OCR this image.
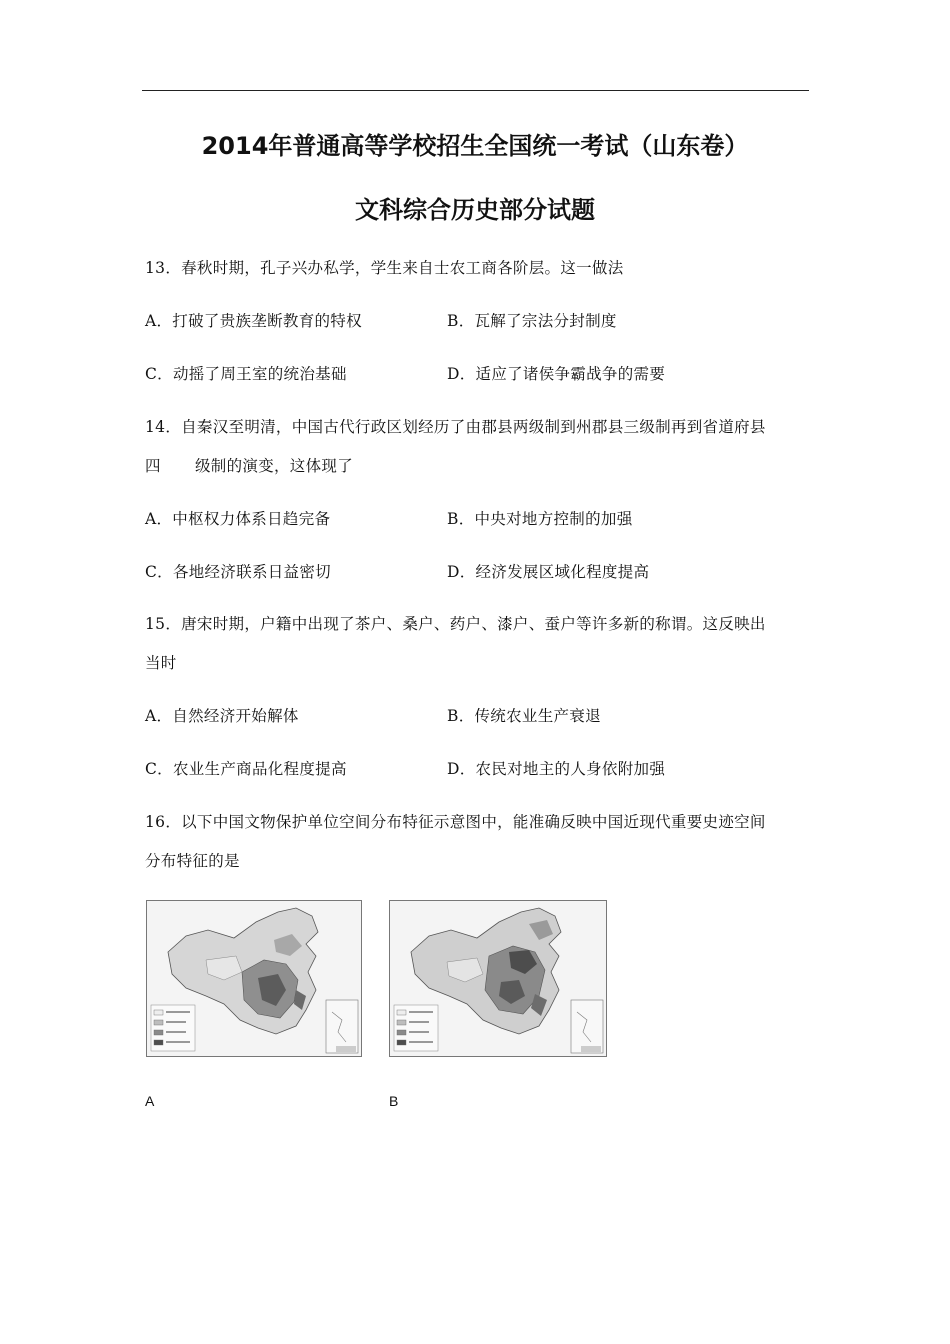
2014年普通高等学校招生全国统一考试（山东卷）
文科综合历史部分试题
13．春秋时期，孔子兴办私学，学生来自士农工商各阶层。这一做法
A．打破了贵族垄断教育的特权	B．瓦解了宗法分封制度
C．动摇了周王室的统治基础	D．适应了诸侯争霸战争的需要
14．自秦汉至明清，中国古代行政区划经历了由郡县两级制到州郡县三级制再到省道府县
四 级制的演变，这体现了
A．中枢权力体系日趋完备	B．中央对地方控制的加强
C．各地经济联系日益密切	D．经济发展区域化程度提高
15．唐宋时期，户籍中出现了茶户、桑户、药户、漆户、蚕户等许多新的称谓。这反映出
当时
A．自然经济开始解体	B．传统农业生产衰退
C．农业生产商品化程度提高	D．农民对地主的人身依附加强
16．以下中国文物保护单位空间分布特征示意图中，能准确反映中国近现代重要史迹空间
分布特征的是
A	B
